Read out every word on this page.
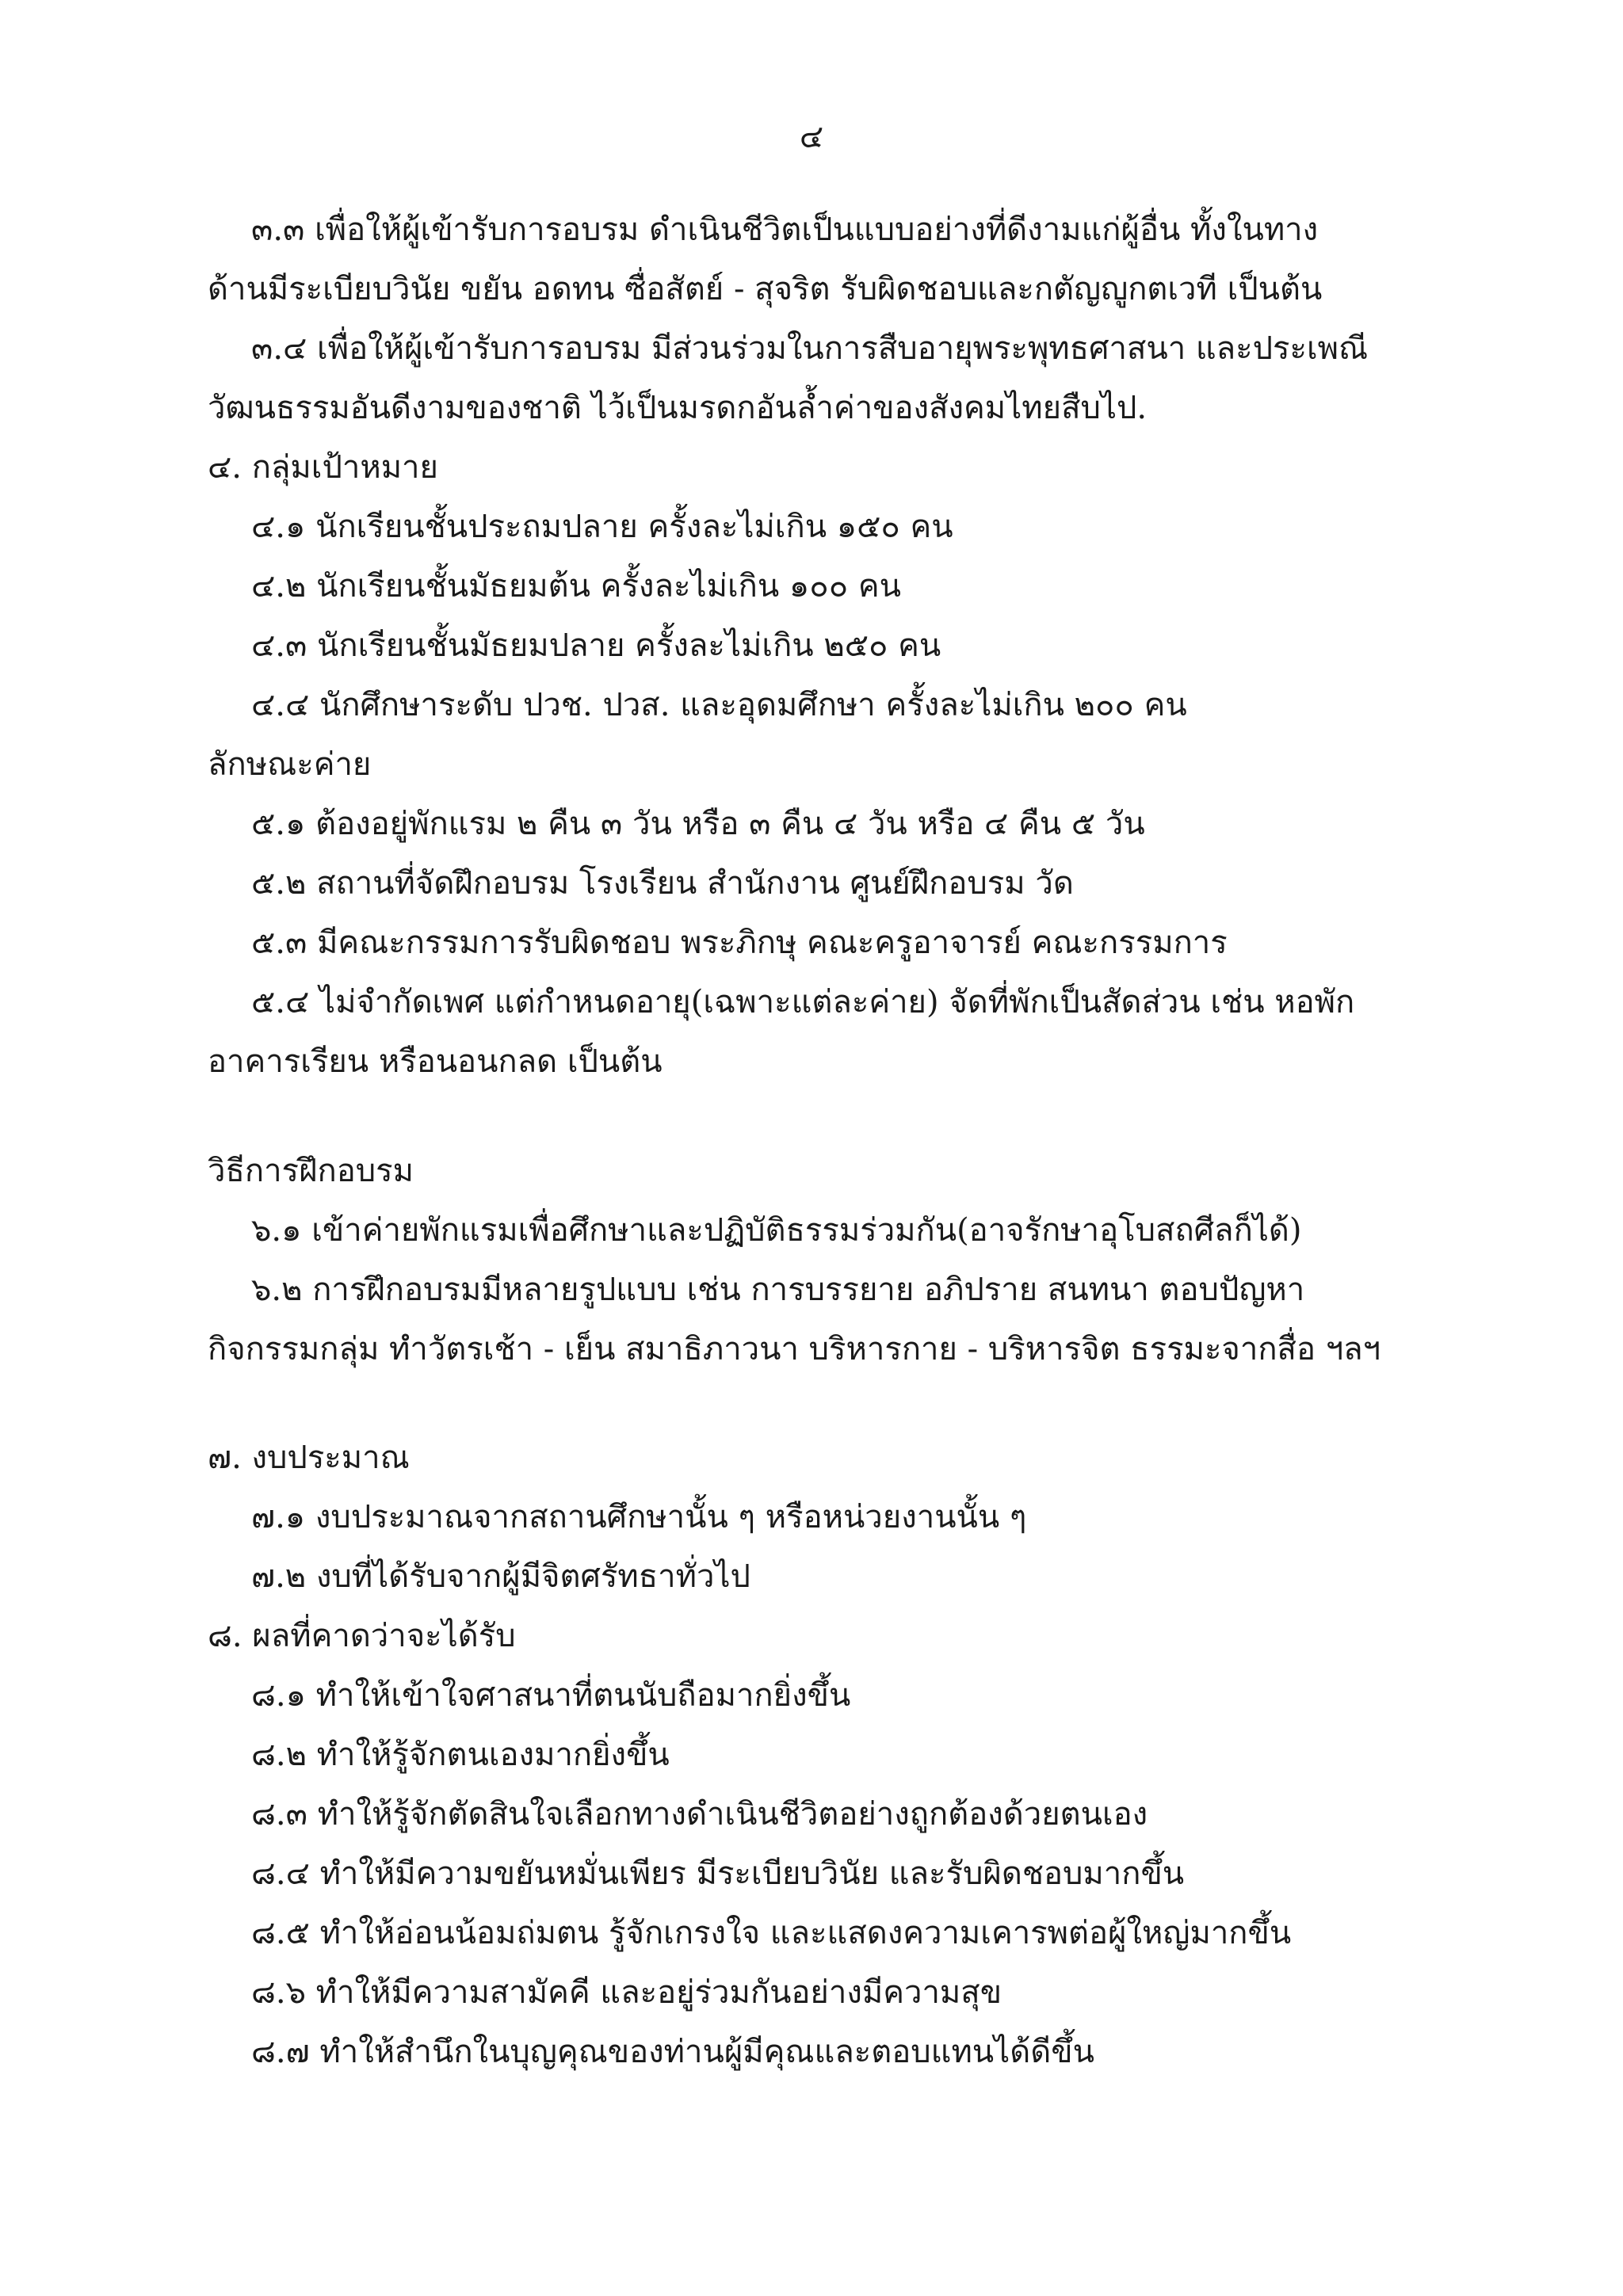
๔
๓.๓ เพื่อให้ผู้เข้ารับการอบรม ดำเนินชีวิตเป็นแบบอย่างที่ดีงามแก่ผู้อื่น ทั้งในทาง
ด้านมีระเบียบวินัย ขยัน อดทน ซื่อสัตย์ - สุจริต รับผิดชอบและกตัญญูกตเวที เป็นต้น
๓.๔ เพื่อให้ผู้เข้ารับการอบรม มีส่วนร่วมในการสืบอายุพระพุทธศาสนา และประเพณี
วัฒนธรรมอันดีงามของชาติ ไว้เป็นมรดกอันล้ำค่าของสังคมไทยสืบไป.
๔. กลุ่มเป้าหมาย
๔.๑ นักเรียนชั้นประถมปลาย ครั้งละไม่เกิน ๑๕๐ คน
๔.๒ นักเรียนชั้นมัธยมต้น ครั้งละไม่เกิน ๑๐๐ คน
๔.๓ นักเรียนชั้นมัธยมปลาย ครั้งละไม่เกิน ๒๕๐ คน
๔.๔ นักศึกษาระดับ ปวช. ปวส. และอุดมศึกษา ครั้งละไม่เกิน ๒๐๐ คน
ลักษณะค่าย
๕.๑ ต้องอยู่พักแรม ๒ คืน ๓ วัน หรือ ๓ คืน ๔ วัน หรือ ๔ คืน ๕ วัน
๕.๒ สถานที่จัดฝึกอบรม โรงเรียน สำนักงาน ศูนย์ฝึกอบรม วัด
๕.๓ มีคณะกรรมการรับผิดชอบ พระภิกษุ คณะครูอาจารย์ คณะกรรมการ
๕.๔ ไม่จำกัดเพศ แต่กำหนดอายุ(เฉพาะแต่ละค่าย) จัดที่พักเป็นสัดส่วน เช่น หอพัก
อาคารเรียน หรือนอนกลด เป็นต้น
วิธีการฝึกอบรม
๖.๑ เข้าค่ายพักแรมเพื่อศึกษาและปฏิบัติธรรมร่วมกัน(อาจรักษาอุโบสถศีลก็ได้)
๖.๒ การฝึกอบรมมีหลายรูปแบบ เช่น การบรรยาย อภิปราย สนทนา ตอบปัญหา
กิจกรรมกลุ่ม ทำวัตรเช้า - เย็น สมาธิภาวนา บริหารกาย - บริหารจิต ธรรมะจากสื่อ ฯลฯ
๗. งบประมาณ
๗.๑ งบประมาณจากสถานศึกษานั้น ๆ หรือหน่วยงานนั้น ๆ
๗.๒ งบที่ได้รับจากผู้มีจิตศรัทธาทั่วไป
๘. ผลที่คาดว่าจะได้รับ
๘.๑ ทำให้เข้าใจศาสนาที่ตนนับถือมากยิ่งขึ้น
๘.๒ ทำให้รู้จักตนเองมากยิ่งขึ้น
๘.๓ ทำให้รู้จักตัดสินใจเลือกทางดำเนินชีวิตอย่างถูกต้องด้วยตนเอง
๘.๔ ทำให้มีความขยันหมั่นเพียร มีระเบียบวินัย และรับผิดชอบมากขึ้น
๘.๕ ทำให้อ่อนน้อมถ่มตน รู้จักเกรงใจ และแสดงความเคารพต่อผู้ใหญ่มากขึ้น
๘.๖ ทำให้มีความสามัคคี และอยู่ร่วมกันอย่างมีความสุข
๘.๗ ทำให้สำนึกในบุญคุณของท่านผู้มีคุณและตอบแทนได้ดีขึ้น
